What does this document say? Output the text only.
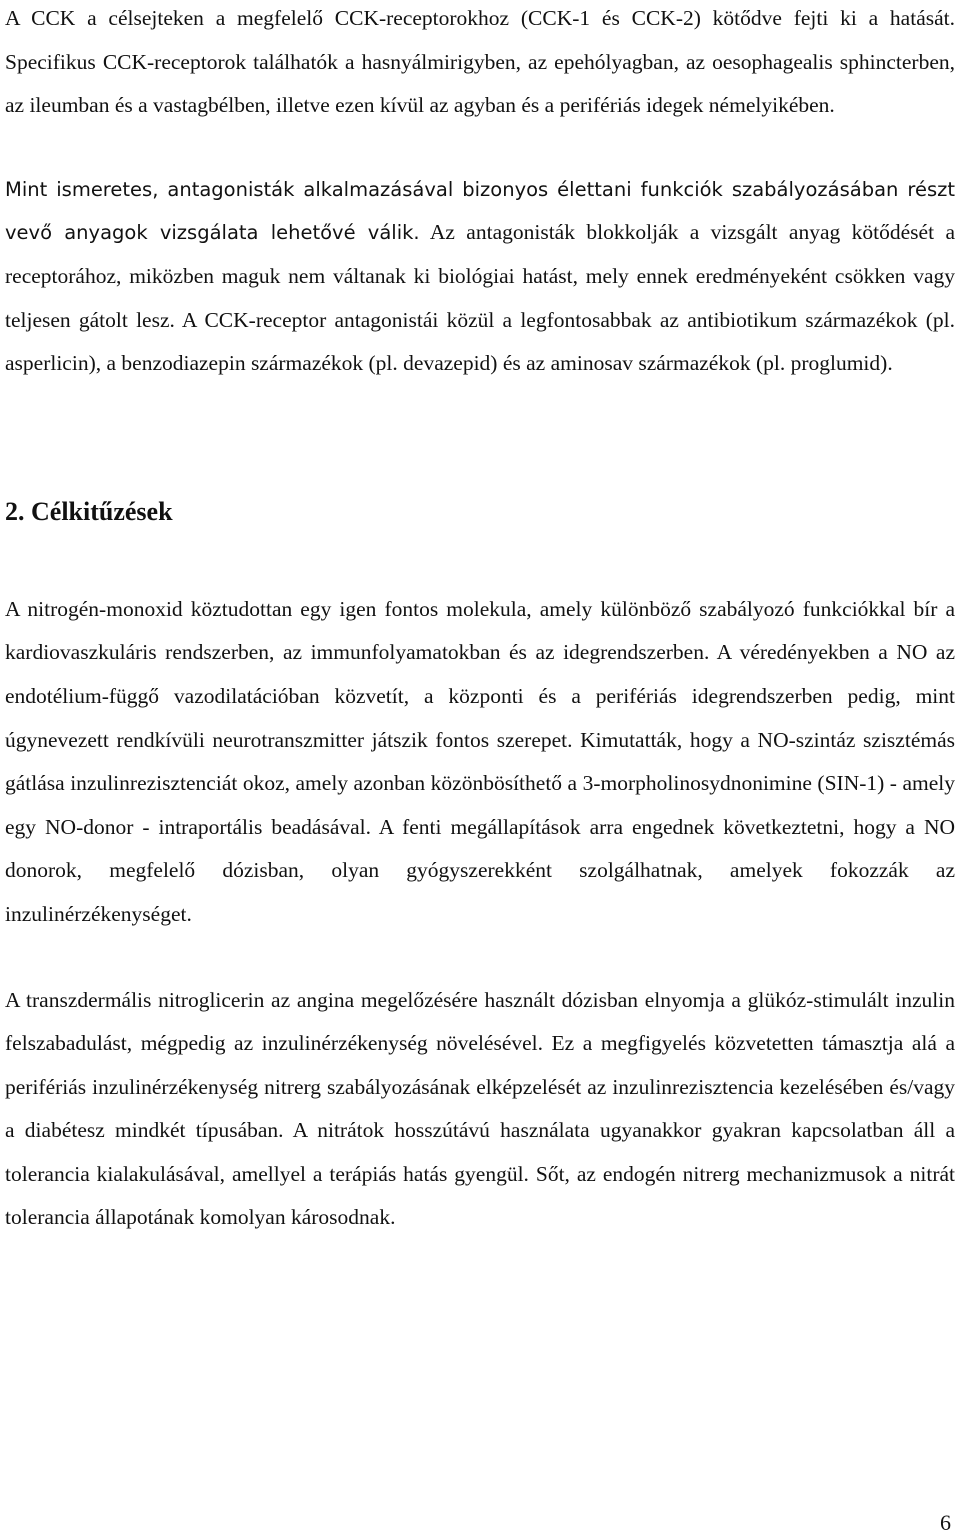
A CCK a célsejteken a megfelelő CCK-receptorokhoz (CCK-1 és CCK-2) kötődve fejti ki a hatását. Specifikus CCK-receptorok találhatók a hasnyálmirigyben, az epehólyagban, az oesophagealis sphincterben, az ileumban és a vastagbélben, illetve ezen kívül az agyban és a perifériás idegek némelyikében.

Mint ismeretes, antagonisták alkalmazásával bizonyos élettani funkciók szabályozásában részt vevő anyagok vizsgálata lehetővé válik. Az antagonisták blokkolják a vizsgált anyag kötődését a receptorához, miközben maguk nem váltanak ki biológiai hatást, mely ennek eredményeként csökken vagy teljesen gátolt lesz. A CCK-receptor antagonistái közül a legfontosabbak az antibiotikum származékok (pl. asperlicin), a benzodiazepin származékok (pl. devazepid) és az aminosav származékok (pl. proglumid).

2. Célkitűzések

A nitrogén-monoxid köztudottan egy igen fontos molekula, amely különböző szabályozó funkciókkal bír a kardiovaszkuláris rendszerben, az immunfolyamatokban és az idegrendszerben. A véredényekben a NO az endotélium-függő vazodilatációban közvetít, a központi és a perifériás idegrendszerben pedig, mint úgynevezett rendkívüli neurotranszmitter játszik fontos szerepet. Kimutatták, hogy a NO-szintáz szisztémás gátlása inzulinrezisztenciát okoz, amely azonban közönbösíthető a 3-morpholinosydnonimine (SIN-1) - amely egy NO-donor - intraportális beadásával. A fenti megállapítások arra engednek következtetni, hogy a NO donorok, megfelelő dózisban, olyan gyógyszerekként szolgálhatnak, amelyek fokozzák az inzulinérzékenységet.

A transzdermális nitroglicerin az angina megelőzésére használt dózisban elnyomja a glükóz-stimulált inzulin felszabadulást, mégpedig az inzulinérzékenység növelésével. Ez a megfigyelés közvetetten támasztja alá a perifériás inzulinérzékenység nitrerg szabályozásának elképzelését az inzulinrezisztencia kezelésében és/vagy a diabétesz mindkét típusában. A nitrátok hosszútávú használata ugyanakkor gyakran kapcsolatban áll a tolerancia kialakulásával, amellyel a terápiás hatás gyengül. Sőt, az endogén nitrerg mechanizmusok a nitrát tolerancia állapotának komolyan károsodnak.

6
